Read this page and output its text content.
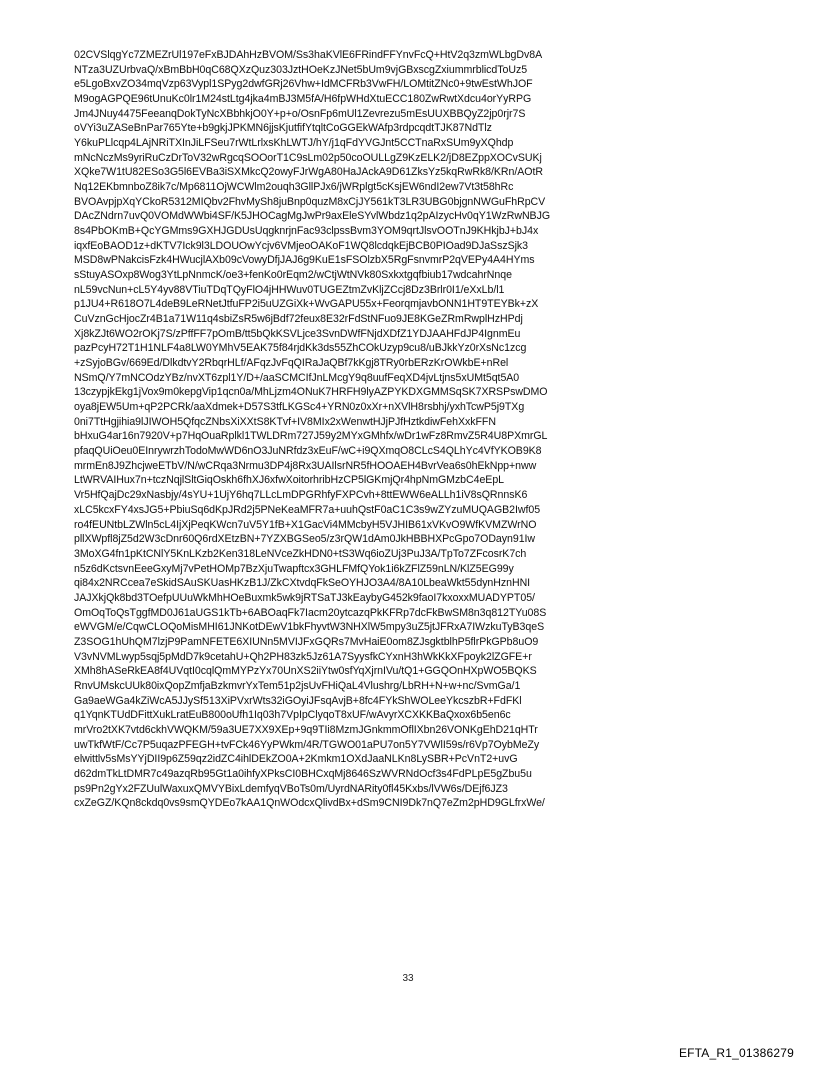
02CVSlqgYc7ZMEZrUl197eFxBJDAhHzBVOM/Ss3haKVlE6FRindFFYnvFcQ+HtV2q3zmWLbgDv8A
NTza3UZUrbvaQ/xBmBbH0qC68QXzQuz303JztHOeKzJNet5bUm9vjGBxscgZxiummrblicdToUz5
e5LgoBxvZO34mqVzp63Vypl1SPyg2dwfGRj26Vhw+IdMCFRb3VwFH/LOMtitZNc0+9twEstWhJOF
M9ogAGPQE96tUnuKc0lr1M24stLtg4jka4mBJ3M5fA/H6fpWHdXtuECC180ZwRwtXdcu4orYyRPG
Jm4JNuy4475FeeanqDokTyNcXBbhkjO0Y+p+o/OsnFp6mUl1Zevrezu5mEsUUXBBQyZ2jp0rjr7S
oVYi3uZASeBnPar765Yte+b9gkjJPKMN6jjsKjutfifYtqltCoGGEkWAfp3rdpcqdtTJK87NdTlz
Y6kuPLlcqp4LAjNRiTXInJiLFSeu7rWtLrlxsKhLWTJ/hY/j1qFdYVGJnt5CCTnaRxSUm9yXQhdp
mNcNczMs9yriRuCzDrToV32wRgcqSOOorT1C9sLm02p50coOULLgZ9KzELK2/jD8EZppXOCvSUKj
XQke7W1tU82ESo3G5l6EVBa3iSXMkcQ2owyFJrWgA80HaJAckA9D61ZksYz5kqRwRk8/KRn/AOtR
Nq12EKbmnboZ8ik7c/Mp6811OjWCWlm2ouqh3GllPJx6/jWRplgt5cKsjEW6ndI2ew7Vt3t58hRc
BVOAvpjpXqYCkoR5312MIQbv2FhvMySh8juBnp0quzM8xCjJY561kT3LR3UBG0bjgnNWGuFhRpCV
DAcZNdrn7uvQ0VOMdWWbi4SF/K5JHOCagMgJwPr9axEleSYvlWbdz1q2pAIzycHv0qY1WzRwNBJG
8s4PbOKmB+QcYGMms9GXHJGDUsUqgknrjnFac93clpssBvm3YOM9qrtJlsvOOTnJ9KHkjbJ+bJ4x
iqxfEoBAOD1z+dKTV7Ick9l3LDOUOwYcjv6VMjeoOAKoF1WQ8lcdqkEjBCB0PIOad9DJaSszSjk3
MSD8wPNakcisFzk4HWucjlAXb09cVowyDfjJAJ6g9KuE1sFSOlzbX5RgFsnvmrP2qVEPy4A4HYms
sStuyASOxp8Wog3YtLpNnmcK/oe3+fenKo0rEqm2/wCtjWtNVk80Sxkxtgqfbiub17wdcahrNnqe
nL59vcNun+cL5Y4yv88VTiuTDqTQyFlO4jHHWuv0TUGEZtmZvKljZCcj8Dz3Brlr0I1/eXxLb/l1
p1JU4+R618O7L4deB9LeRNetJtfuFP2i5uUZGiXk+WvGAPU55x+FeorqmjavbONN1HT9TEYBk+zX
CuVznGcHjocZr4B1a71W11q4sbiZsR5w6jBdf72feux8E32rFdStNFuo9JE8KGeZRmRwplHzHPdj
Xj8kZJt6WO2rOKj7S/zPffFF7pOmB/tt5bQkKSVLjce3SvnDWfFNjdXDfZ1YDJAAHFdJP4IgnmEu
pazPcyH72T1H1NLF4a8LW0YMhV5EAK75f84rjdKk3ds55ZhCOkUzyp9cu8/uBJkkYz0rXsNc1zcg
+zSyjoBGv/669Ed/DlkdtvY2RbqrHLf/AFqzJvFqQIRaJaQBf7kKgj8TRy0rbERzKrOWkbE+nRel
NSmQ/Y7mNCOdzYBz/nvXT6zpl1Y/D+/aaSCMCIfJnLMcgY9q8uufFeqXD4jvLtjns5xUMt5qt5A0
13czypjkEkg1jVox9m0kepgVip1qcn0a/MhLjzm4ONuK7HRFH9lyAZPYKDXGMMSqSK7XRSPswDMO
oya8jEW5Um+qP2PCRk/aaXdmek+D57S3tfLKGSc4+YRN0z0xXr+nXVlH8rsbhj/yxhTcwP5j9TXg
0ni7TtHgjihia9lJIWOH5QfqcZNbsXiXXtS8KTvf+IV8MIx2xWenwtHJjPJfHztkdiwFehXxkFFN
bHxuG4ar16n7920V+p7HqOuaRplkl1TWLDRm727J59y2MYxGMhfx/wDr1wFz8RmvZ5R4U8PXmrGL
pfaqQUiOeu0EInrywrzhTodoMwWD6nO3JuNRfdz3xEuF/wC+i9QXmqO8CLcS4QLhYc4VfYKOB9K8
mrmEn8J9ZhcjweETbV/N/wCRqa3Nrmu3DP4j8Rx3UAIlsrNR5fHOOAEH4BvrVea6s0hEkNpp+nww
LtWRVAIHux7n+tczNqjlSltGiqOskh6fhXJ6xfwXoitorhribHzCP5lGKmjQr4hpNmGMzbC4eEpL
Vr5HfQajDc29xNasbjy/4sYU+1UjY6hq7LLcLmDPGRhfyFXPCvh+8ttEWW6eALLh1iV8sQRnnsK6
xLC5kcxFY4xsJG5+PbiuSq6dKpJRd2j5PNeKeaMFR7a+uuhQstF0aC1C3s9wZYzuMUQAGB2Iwf05
ro4fEUNtbLZWln5cL4IjXjPeqKWcn7uV5Y1fB+X1GacVi4MMcbyH5VJHIB61xVKvO9WfKVMZWrNO
pllXWpfl8jZ5d2W3cDnr60Q6rdXEtzBN+7YZXBGSeo5/z3rQW1dAm0JkHBBHXPcGpo7ODayn91Iw
3MoXG4fn1pKtCNlY5KnLKzb2Ken318LeNVceZkHDN0+tS3Wq6ioZUj3PuJ3A/TpTo7ZFcosrK7ch
n5z6dKctsvnEeeGxyMj7vPetHOMp7BzXjuTwapftcx3GHLFMfQYok1i6kZFlZ59nLN/KlZ5EG99y
qi84x2NRCcea7eSkidSAuSKUasHKzB1J/ZkCXtvdqFkSeOYHJO3A4/8A10LbeaWkt55dynHznHNI
JAJXkjQk8bd3TOefpUUuWkMhHOeBuxmk5wk9jRTSaTJ3kEaybyG452k9faoI7kxoxxMUADYPT05/
OmOqToQsTggfMD0J61aUGS1kTb+6ABOaqFk7Iacm20ytcazqPkKFRp7dcFkBwSM8n3q812TYu08S
eWVGM/e/CqwCLOQoMisMHI61JNKotDEwV1bkFhyvtW3NHXlW5mpy3uZ5jtJFRxA7IWzkuTyB3qeS
Z3SOG1hUhQM7lzjP9PamNFETE6XIUNn5MVIJFxGQRs7MvHaiE0om8ZJsgktblhP5flrPkGPb8uO9
V3vNVMLwyp5sqj5pMdD7k9cetahU+Qh2PH83zk5Jz61A7SyysfkCYxnH3hWkKkXFpoyk2lZGFE+r
XMh8hASeRkEA8f4UVqtI0cqlQmMYPzYx70UnXS2iiYtw0sfYqXjrnIVu/tQ1+GGQOnHXpWO5BQKS
RnvUMskcUUk80ixQopZmfjaBzkmvrYxTem51p2jsUvFHiQaL4Vlushrg/LbRH+N+w+nc/SvmGa/1
Ga9aeWGa4kZiWcA5JJySf513XiPVxrWts32iGOyiJFsqAvjB+8fc4FYkShWOLeeYkcszbR+FdFKl
q1YqnKTUdDFittXukLratEuB800oUfh1Iq03h7VpIpClyqoT8xUF/wAvyrXCXKKBaQxox6b5en6c
mrVro2tXK7vtd6ckhVWQKM/59a3UE7XX9XEp+9q9TIi8MzmJGnkmmOflIXbn26VONKgEhD21qHTr
uwTkfWtF/Cc7P5uqazPFEGH+tvFCk46YyPWkm/4R/TGWO01aPU7on5Y7VWlI59s/r6Vp7OybMeZy
elwittlv5sMsYYjDII9p6Z59qz2idZC4ihlDEkZO0A+2Kmkm1OXdJaaNLKn8LySBR+PcVnT2+uvG
d62dmTkLtDMR7c49azqRb95Gt1a0ihfyXPksCI0BHCxqMj8646SzWVRNdOcf3s4FdPLpE5gZbu5u
ps9Pn2gYx2FZUulWaxuxQMVYBixLdemfyqVBoTs0m/UyrdNARity0fl45Kxbs/lVW6s/DEjf6JZ3
cxZeGZ/KQn8ckdq0vs9smQYDEo7kAA1QnWOdcxQlivdBx+dSm9CNI9Dk7nQ7eZm2pHD9GLfrxWe/
33
EFTA_R1_01386279
